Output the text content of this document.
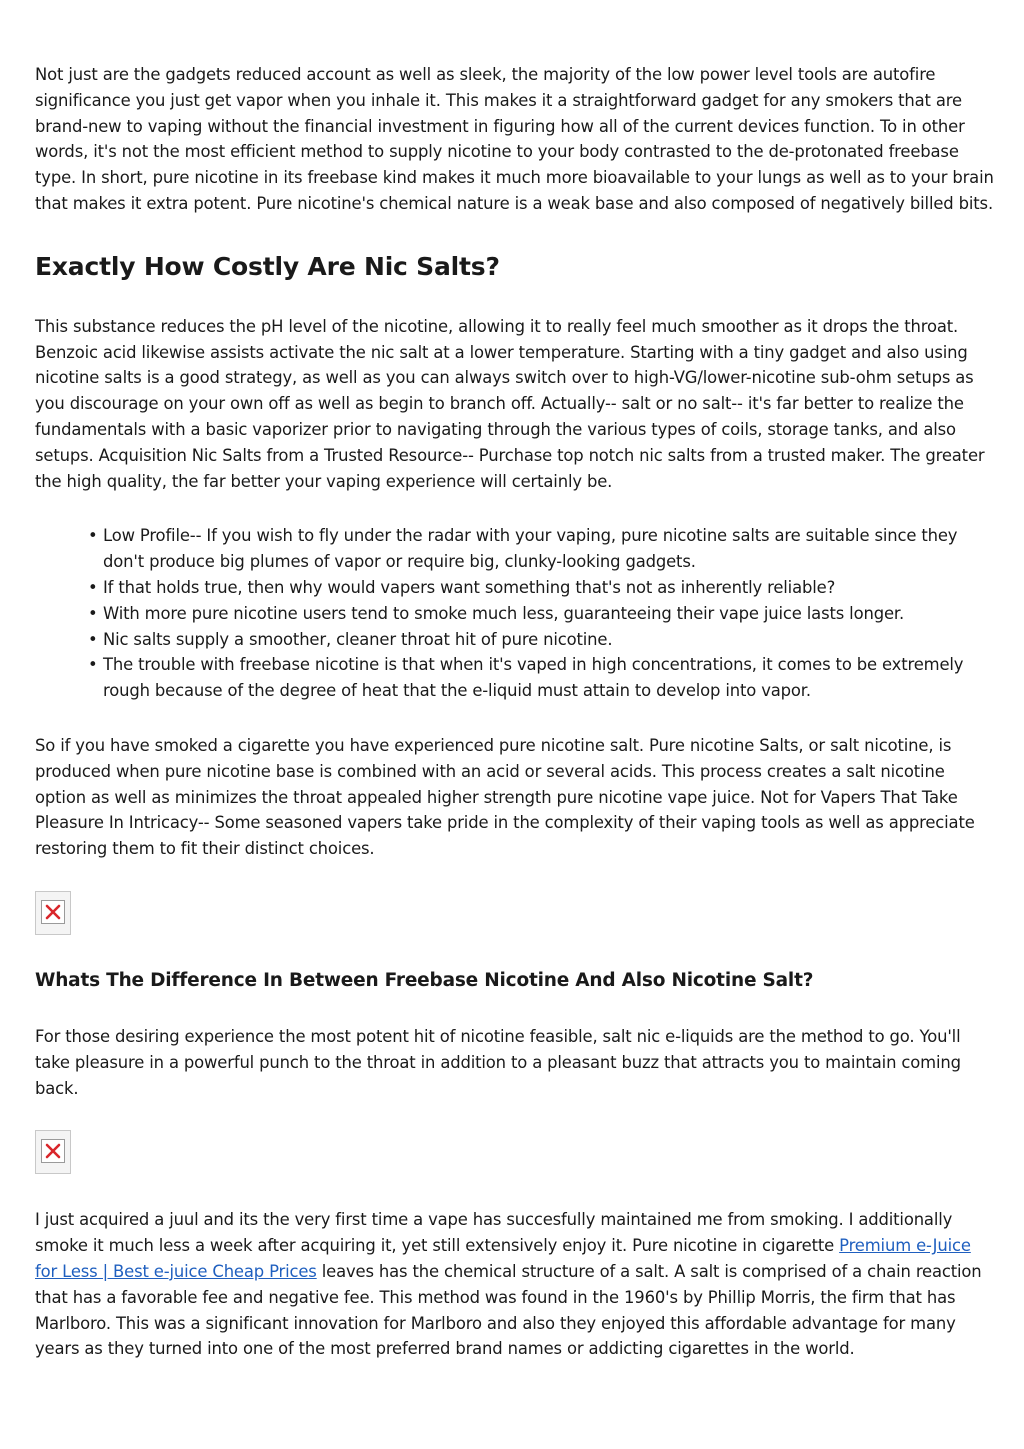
Not just are the gadgets reduced account as well as sleek, the majority of the low power level tools are autofire significance you just get vapor when you inhale it. This makes it a straightforward gadget for any smokers that are brand-new to vaping without the financial investment in figuring how all of the current devices function. To in other words, it's not the most efficient method to supply nicotine to your body contrasted to the de-protonated freebase type. In short, pure nicotine in its freebase kind makes it much more bioavailable to your lungs as well as to your brain that makes it extra potent. Pure nicotine's chemical nature is a weak base and also composed of negatively billed bits.

Exactly How Costly Are Nic Salts?

This substance reduces the pH level of the nicotine, allowing it to really feel much smoother as it drops the throat. Benzoic acid likewise assists activate the nic salt at a lower temperature. Starting with a tiny gadget and also using nicotine salts is a good strategy, as well as you can always switch over to high-VG/lower-nicotine sub-ohm setups as you discourage on your own off as well as begin to branch off. Actually-- salt or no salt-- it's far better to realize the fundamentals with a basic vaporizer prior to navigating through the various types of coils, storage tanks, and also setups. Acquisition Nic Salts from a Trusted Resource-- Purchase top notch nic salts from a trusted maker. The greater the high quality, the far better your vaping experience will certainly be.

• Low Profile-- If you wish to fly under the radar with your vaping, pure nicotine salts are suitable since they don't produce big plumes of vapor or require big, clunky-looking gadgets.
• If that holds true, then why would vapers want something that's not as inherently reliable?
• With more pure nicotine users tend to smoke much less, guaranteeing their vape juice lasts longer.
• Nic salts supply a smoother, cleaner throat hit of pure nicotine.
• The trouble with freebase nicotine is that when it's vaped in high concentrations, it comes to be extremely rough because of the degree of heat that the e-liquid must attain to develop into vapor.

So if you have smoked a cigarette you have experienced pure nicotine salt. Pure nicotine Salts, or salt nicotine, is produced when pure nicotine base is combined with an acid or several acids. This process creates a salt nicotine option as well as minimizes the throat appealed higher strength pure nicotine vape juice. Not for Vapers That Take Pleasure In Intricacy-- Some seasoned vapers take pride in the complexity of their vaping tools as well as appreciate restoring them to fit their distinct choices.

Whats The Difference In Between Freebase Nicotine And Also Nicotine Salt?

For those desiring experience the most potent hit of nicotine feasible, salt nic e-liquids are the method to go. You'll take pleasure in a powerful punch to the throat in addition to a pleasant buzz that attracts you to maintain coming back.

I just acquired a juul and its the very first time a vape has succesfully maintained me from smoking. I additionally smoke it much less a week after acquiring it, yet still extensively enjoy it. Pure nicotine in cigarette Premium e-Juice for Less | Best e-juice Cheap Prices leaves has the chemical structure of a salt. A salt is comprised of a chain reaction that has a favorable fee and negative fee. This method was found in the 1960's by Phillip Morris, the firm that has Marlboro. This was a significant innovation for Marlboro and also they enjoyed this affordable advantage for many years as they turned into one of the most preferred brand names or addicting cigarettes in the world.
